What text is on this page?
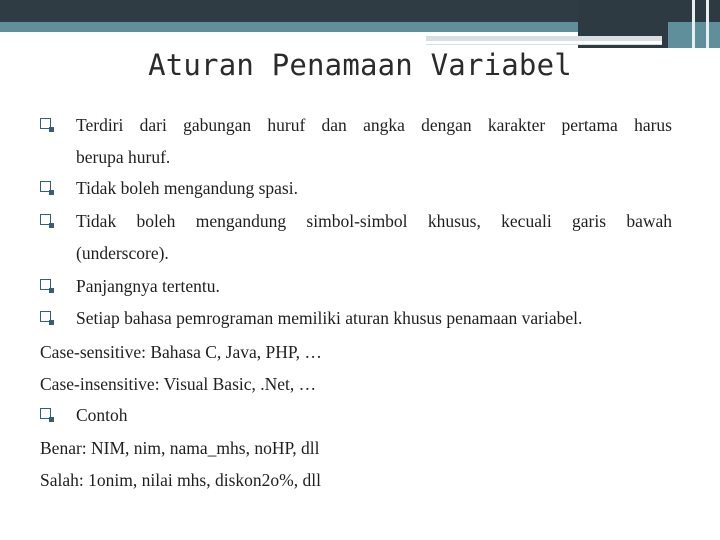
Aturan Penamaan Variabel
Terdiri dari gabungan huruf dan angka dengan karakter pertama harus
berupa huruf.
Tidak boleh mengandung spasi.
Tidak boleh mengandung simbol-simbol khusus, kecuali garis bawah
(underscore).
Panjangnya tertentu.
Setiap bahasa pemrograman memiliki aturan khusus penamaan variabel.
Case-sensitive: Bahasa C, Java, PHP, …
Case-insensitive: Visual Basic, .Net, …
Contoh
Benar: NIM, nim, nama_mhs, noHP, dll
Salah: 1onim, nilai mhs, diskon2o%, dll
